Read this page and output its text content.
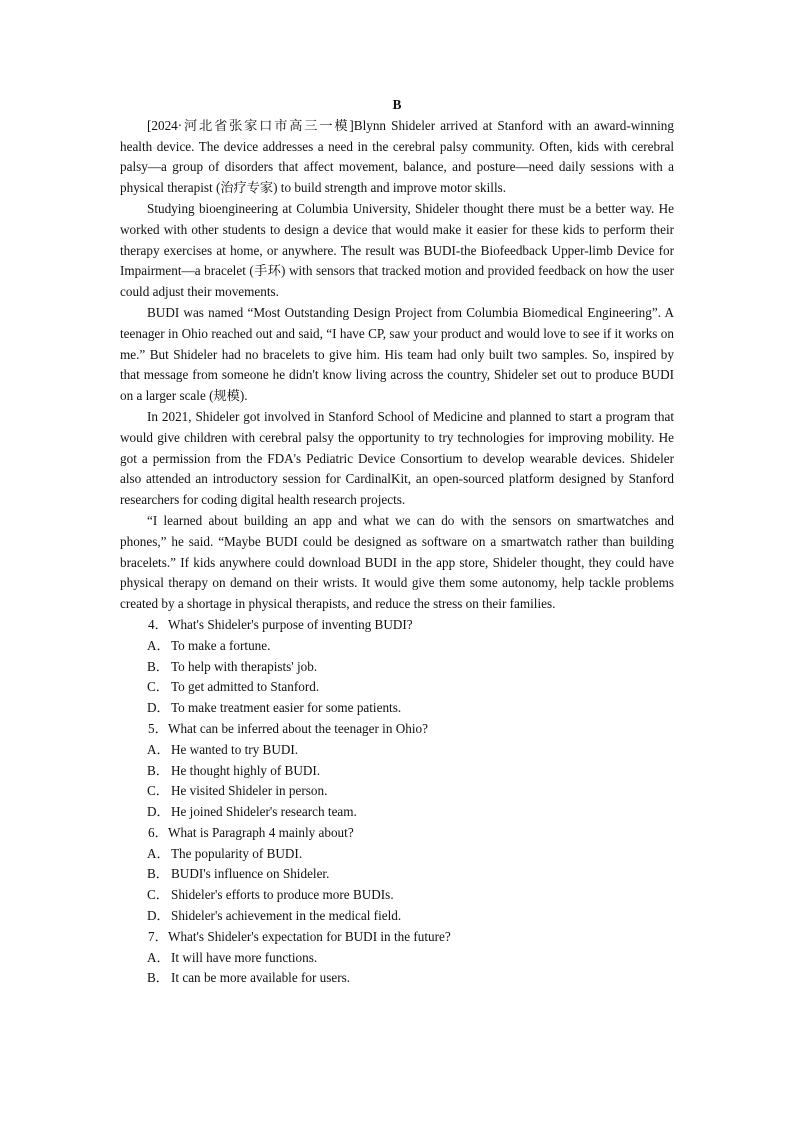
B

[2024·河北省张家口市高三一模]Blynn Shideler arrived at Stanford with an award-winning health device. The device addresses a need in the cerebral palsy community. Often, kids with cerebral palsy—a group of disorders that affect movement, balance, and posture—need daily sessions with a physical therapist (治疗专家) to build strength and improve motor skills.

Studying bioengineering at Columbia University, Shideler thought there must be a better way. He worked with other students to design a device that would make it easier for these kids to perform their therapy exercises at home, or anywhere. The result was BUDI-the Biofeedback Upper-limb Device for Impairment—a bracelet (手环) with sensors that tracked motion and provided feedback on how the user could adjust their movements.

BUDI was named “Most Outstanding Design Project from Columbia Biomedical Engineering”. A teenager in Ohio reached out and said, “I have CP, saw your product and would love to see if it works on me.” But Shideler had no bracelets to give him. His team had only built two samples. So, inspired by that message from someone he didn't know living across the country, Shideler set out to produce BUDI on a larger scale (规模).

In 2021, Shideler got involved in Stanford School of Medicine and planned to start a program that would give children with cerebral palsy the opportunity to try technologies for improving mobility. He got a permission from the FDA's Pediatric Device Consortium to develop wearable devices. Shideler also attended an introductory session for CardinalKit, an open-sourced platform designed by Stanford researchers for coding digital health research projects.

“I learned about building an app and what we can do with the sensors on smartwatches and phones,” he said. “Maybe BUDI could be designed as software on a smartwatch rather than building bracelets.” If kids anywhere could download BUDI in the app store, Shideler thought, they could have physical therapy on demand on their wrists. It would give them some autonomy, help tackle problems created by a shortage in physical therapists, and reduce the stress on their families.

4．What's Shideler's purpose of inventing BUDI?

A．To make a fortune.

B． To help with therapists' job.

C． To get admitted to Stanford.

D．To make treatment easier for some patients.

5．What can be inferred about the teenager in Ohio?

A．He wanted to try BUDI.

B． He thought highly of BUDI.

C． He visited Shideler in person.

D．He joined Shideler's research team.

6．What is Paragraph 4 mainly about?

A．The popularity of BUDI.

B． BUDI's influence on Shideler.

C． Shideler's efforts to produce more BUDIs.

D．Shideler's achievement in the medical field.

7．What's Shideler's expectation for BUDI in the future?

A．It will have more functions.

B． It can be more available for users.
